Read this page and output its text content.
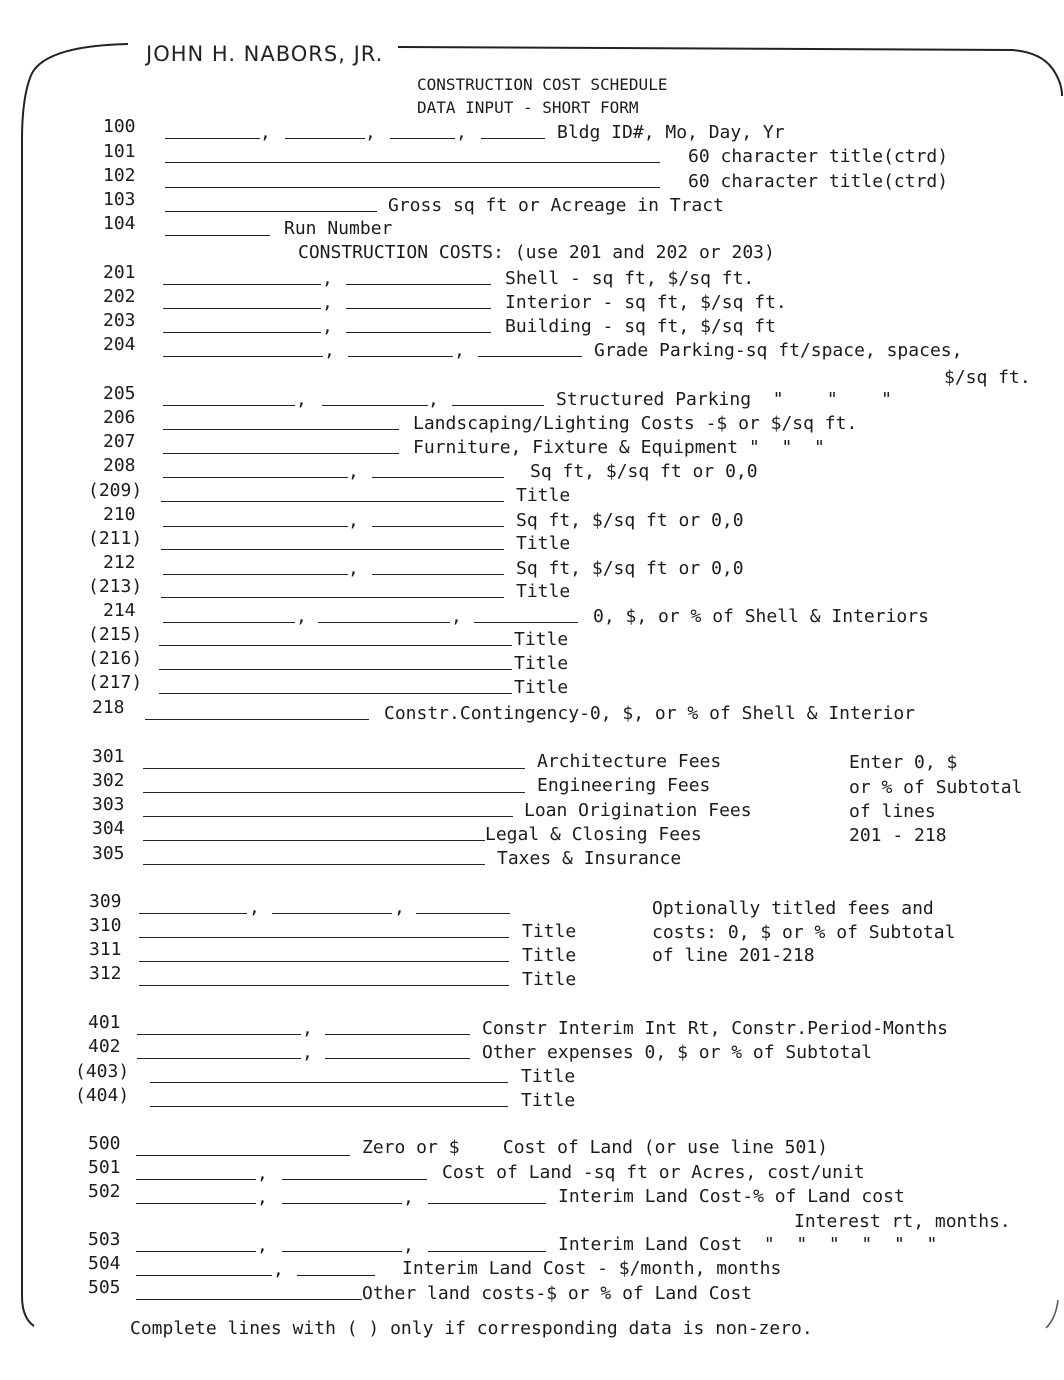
JOHN H. NABORS, JR.
CONSTRUCTION COST SCHEDULE
DATA INPUT - SHORT FORM
100	,	,	,	Bldg ID#, Mo, Day, Yr
101	60 character title(ctrd)
102	60 character title(ctrd)
103	Gross sq ft or Acreage in Tract
104	Run Number
CONSTRUCTION COSTS: (use 201 and 202 or 203)
201	,	Shell - sq ft, $/sq ft.
202	,	Interior - sq ft, $/sq ft.
203	,	Building - sq ft, $/sq ft
204	,	,	Grade Parking-sq ft/space, spaces,
$/sq ft.
205	,	,	Structured Parking  "    "    "
206	Landscaping/Lighting Costs -$ or $/sq ft.
207	Furniture, Fixture & Equipment "  "  "
208	,	Sq ft, $/sq ft or 0,0
(209)	Title
210	,	Sq ft, $/sq ft or 0,0
(211)	Title
212	,	Sq ft, $/sq ft or 0,0
(213)	Title
214	,	,	0, $, or % of Shell & Interiors
(215)	Title
(216)	Title
(217)	Title
218	Constr.Contingency-0, $, or % of Shell & Interior
301	Architecture Fees
302	Engineering Fees
303	Loan Origination Fees
304	Legal & Closing Fees
305	Taxes & Insurance
Enter 0, $
or % of Subtotal
of lines
201 - 218
309	,	,
310	Title
311	Title
312	Title
Optionally titled fees and
costs: 0, $ or % of Subtotal
of line 201-218
401	,	Constr Interim Int Rt, Constr.Period-Months
402	,	Other expenses 0, $ or % of Subtotal
(403)	Title
(404)	Title
500	Zero or $    Cost of Land (or use line 501)
501	,	Cost of Land -sq ft or Acres, cost/unit
502	,	,	Interim Land Cost-% of Land cost
Interest rt, months.
503	,	,	Interim Land Cost  "  "  "  "  "  "
504	,	Interim Land Cost - $/month, months
505	Other land costs-$ or % of Land Cost
Complete lines with ( ) only if corresponding data is non-zero.
